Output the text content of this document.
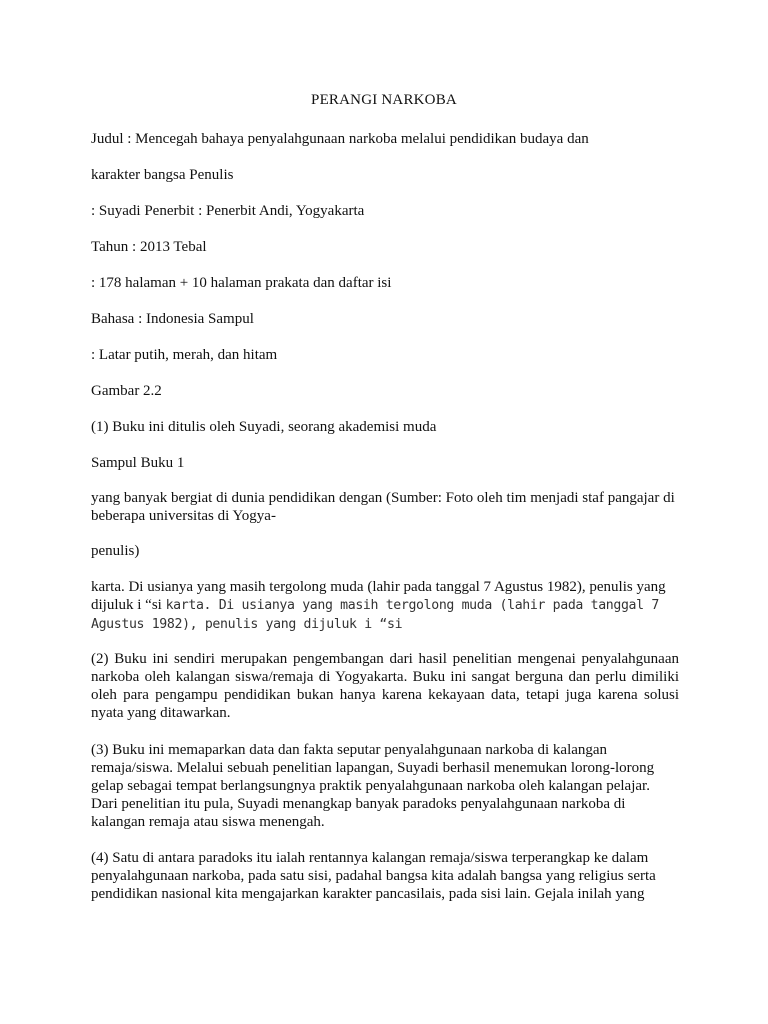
PERANGI NARKOBA
Judul : Mencegah bahaya penyalahgunaan narkoba melalui pendidikan budaya dan
karakter bangsa Penulis
: Suyadi Penerbit : Penerbit Andi, Yogyakarta
Tahun : 2013 Tebal
: 178 halaman + 10 halaman prakata dan daftar isi
Bahasa : Indonesia Sampul
: Latar putih, merah, dan hitam
Gambar 2.2
(1) Buku ini ditulis oleh Suyadi, seorang akademisi muda
Sampul Buku 1
yang banyak bergiat di dunia pendidikan dengan (Sumber: Foto oleh tim menjadi staf pangajar di beberapa universitas di Yogya-
penulis)
karta. Di usianya yang masih tergolong muda (lahir pada tanggal 7 Agustus 1982), penulis yang dijuluk i “si karta. Di usianya yang masih tergolong muda (lahir pada tanggal 7 Agustus 1982), penulis yang dijuluk i “si
(2) Buku ini sendiri merupakan pengembangan dari hasil penelitian mengenai penyalahgunaan narkoba oleh kalangan siswa/remaja di Yogyakarta. Buku ini sangat berguna dan perlu dimiliki oleh para pengampu pendidikan bukan hanya karena kekayaan data, tetapi juga karena solusi nyata yang ditawarkan.
(3) Buku ini memaparkan data dan fakta seputar penyalahgunaan narkoba di kalangan remaja/siswa. Melalui sebuah penelitian lapangan, Suyadi berhasil menemukan lorong-lorong gelap sebagai tempat berlangsungnya praktik penyalahgunaan narkoba oleh kalangan pelajar. Dari penelitian itu pula, Suyadi menangkap banyak paradoks penyalahgunaan narkoba di kalangan remaja atau siswa menengah.
(4) Satu di antara paradoks itu ialah rentannya kalangan remaja/siswa terperangkap ke dalam penyalahgunaan narkoba, pada satu sisi, padahal bangsa kita adalah bangsa yang religius serta pendidikan nasional kita mengajarkan karakter pancasilais, pada sisi lain. Gejala inilah yang
